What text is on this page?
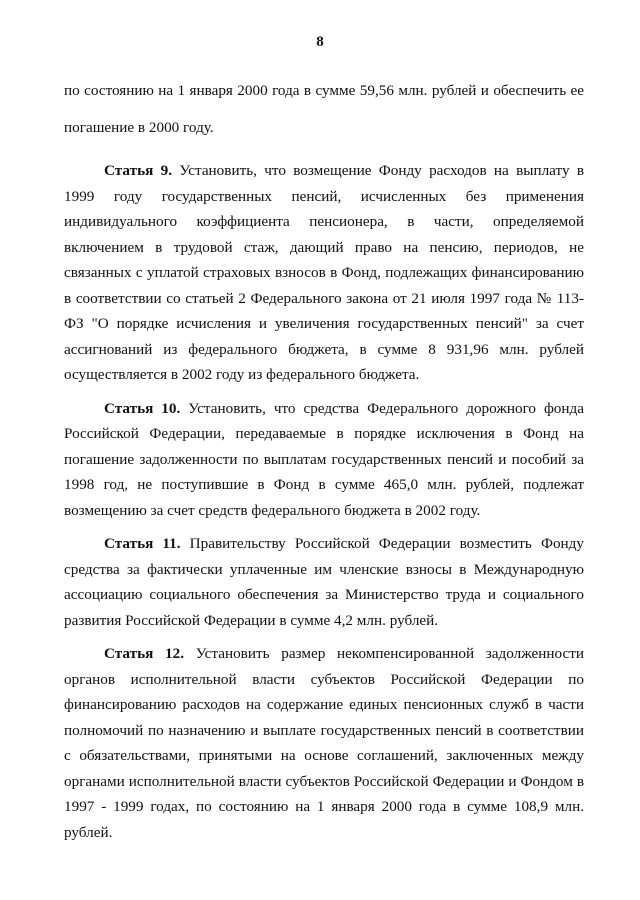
8

по состоянию на 1 января 2000 года в сумме 59,56 млн. рублей и обеспечить ее погашение в 2000 году.

Статья 9. Установить, что возмещение Фонду расходов на выплату в 1999 году государственных пенсий, исчисленных без применения индивидуального коэффициента пенсионера, в части, определяемой включением в трудовой стаж, дающий право на пенсию, периодов, не связанных с уплатой страховых взносов в Фонд, подлежащих финансированию в соответствии со статьей 2 Федерального закона от 21 июля 1997 года № 113-ФЗ "О порядке исчисления и увеличения государственных пенсий" за счет ассигнований из федерального бюджета, в сумме 8 931,96 млн. рублей осуществляется в 2002 году из федерального бюджета.

Статья 10. Установить, что средства Федерального дорожного фонда Российской Федерации, передаваемые в порядке исключения в Фонд на погашение задолженности по выплатам государственных пенсий и пособий за 1998 год, не поступившие в Фонд в сумме 465,0 млн. рублей, подлежат возмещению за счет средств федерального бюджета в 2002 году.

Статья 11. Правительству Российской Федерации возместить Фонду средства за фактически уплаченные им членские взносы в Международную ассоциацию социального обеспечения за Министерство труда и социального развития Российской Федерации в сумме 4,2 млн. рублей.

Статья 12. Установить размер некомпенсированной задолженности органов исполнительной власти субъектов Российской Федерации по финансированию расходов на содержание единых пенсионных служб в части полномочий по назначению и выплате государственных пенсий в соответствии с обязательствами, принятыми на основе соглашений, заключенных между органами исполнительной власти субъектов Российской Федерации и Фондом в 1997 - 1999 годах, по состоянию на 1 января 2000 года в сумме 108,9 млн. рублей.
